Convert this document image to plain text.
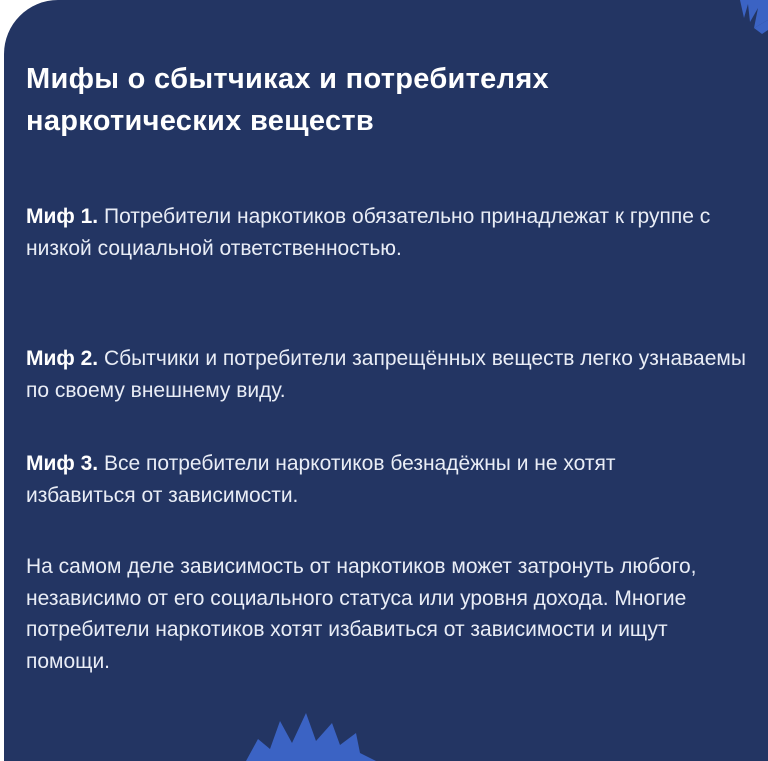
Мифы о сбытчиках и потребителях наркотических веществ

Миф 1. Потребители наркотиков обязательно принадлежат к группе с низкой социальной ответственностью.

Миф 2. Сбытчики и потребители запрещённых веществ легко узнаваемы по своему внешнему виду.

Миф 3. Все потребители наркотиков безнадёжны и не хотят избавиться от зависимости.

На самом деле зависимость от наркотиков может затронуть любого, независимо от его социального статуса или уровня дохода. Многие потребители наркотиков хотят избавиться от зависимости и ищут помощи.
